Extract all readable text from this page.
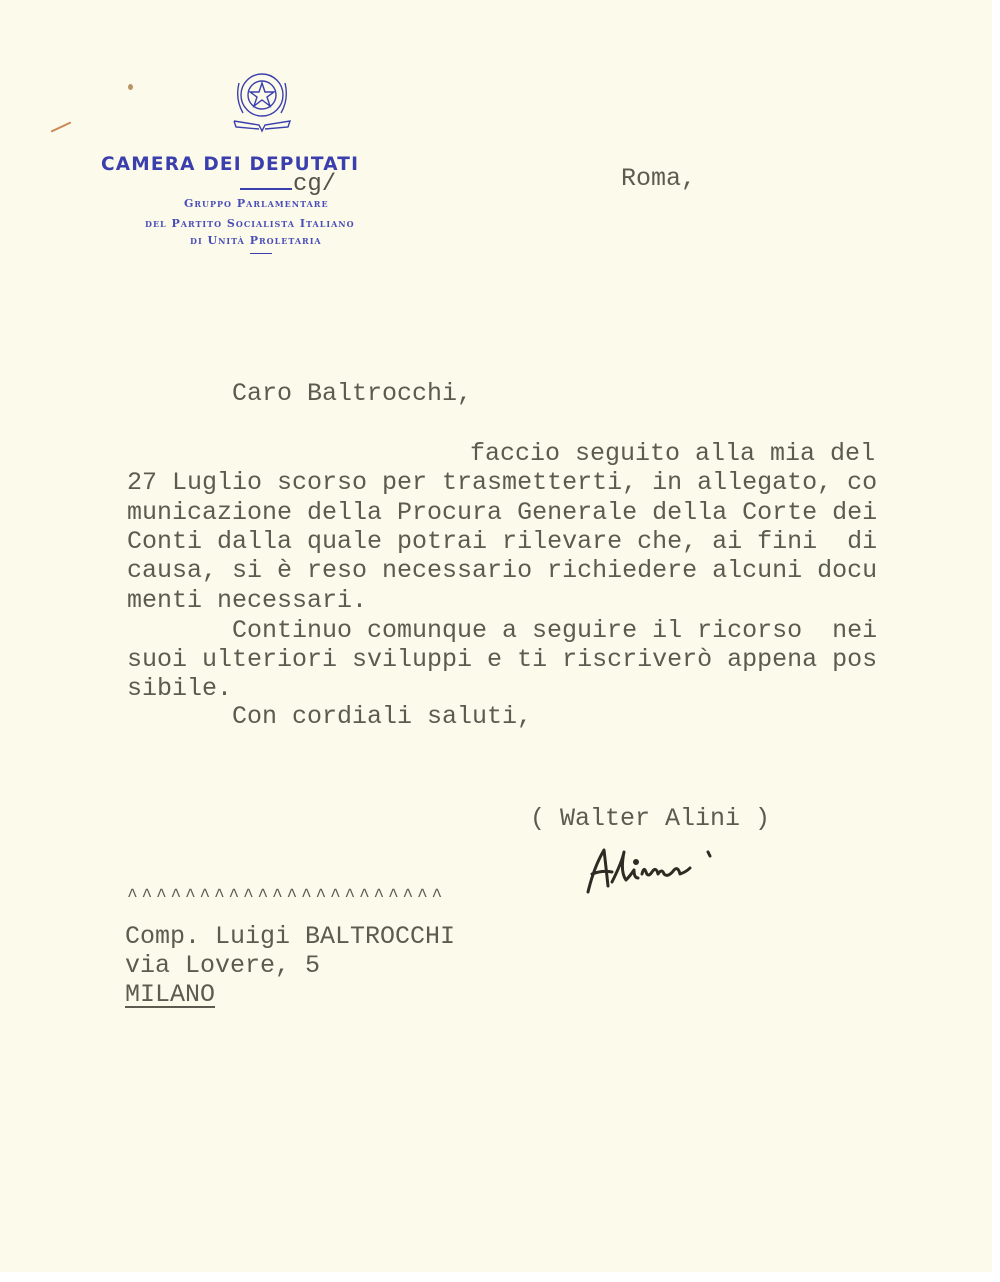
CAMERA DEI DEPUTATI
cg/
Gruppo Parlamentare
del Partito Socialista Italiano
di Unità Proletaria
Roma,
Caro Baltrocchi,
faccio seguito alla mia del
27 Luglio scorso per trasmetterti, in allegato, co
municazione della Procura Generale della Corte dei
Conti dalla quale potrai rilevare che, ai fini  di
causa, si è reso necessario richiedere alcuni docu
menti necessari.
Continuo comunque a seguire il ricorso  nei
suoi ulteriori sviluppi e ti riscriverò appena pos
sibile.
Con cordiali saluti,
( Walter Alini )
^^^^^^^^^^^^^^^^^^^^^^
Comp. Luigi BALTROCCHI
via Lovere, 5
MILANO
